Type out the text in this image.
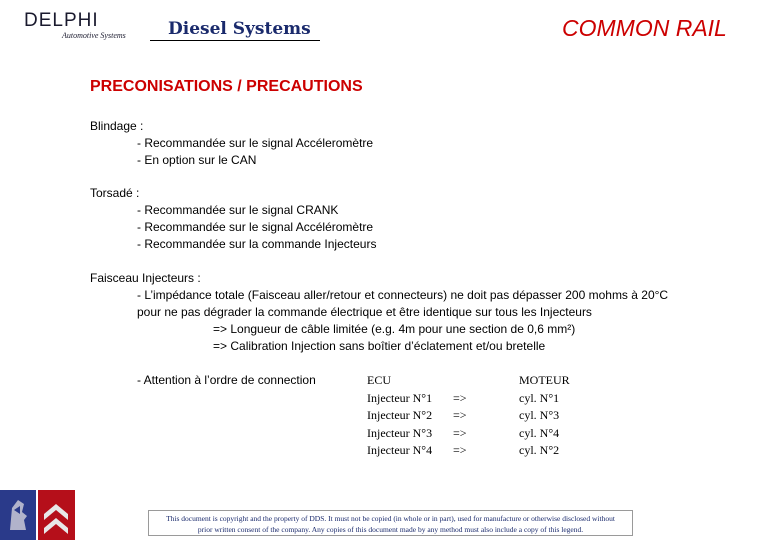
DELPHI
Automotive Systems Diesel Systems	COMMON RAIL
PRECONISATIONS / PRECAUTIONS
Blindage :
- Recommandée sur le signal Accéleromètre
- En option sur le CAN
Torsadé :
- Recommandée sur le signal CRANK
- Recommandée sur le signal Accéléromètre
- Recommandée sur la commande Injecteurs
Faisceau Injecteurs :
- L’impédance totale (Faisceau aller/retour et connecteurs) ne doit pas dépasser 200 mohms à 20°C
pour ne pas dégrader la commande électrique et être identique sur tous les Injecteurs
=> Longueur de câble limitée (e.g. 4m pour une section de 0,6 mm²)
=> Calibration Injection sans boîtier d’éclatement et/ou bretelle
- Attention à l’ordre de connection	ECU
Injecteur N°1
Injecteur N°2
Injecteur N°3
Injecteur N°4
=>
=>
=>
=>
MOTEUR
cyl. N°1
cyl. N°3
cyl. N°4
cyl. N°2
This document is copyright and the property of DDS. It must not be copied (in whole or in part), used for manufacture or otherwise disclosed without
prior written consent of the company. Any copies of this document made by any method must also include a copy of this legend.
